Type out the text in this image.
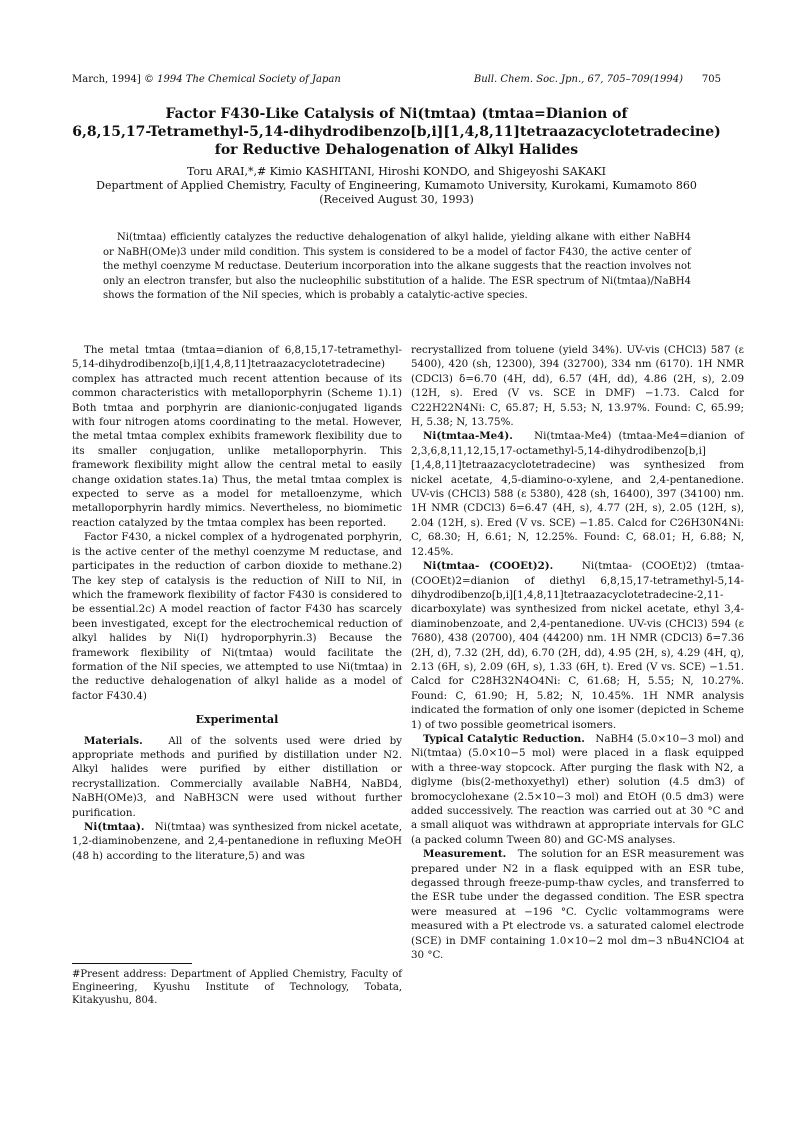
March, 1994] © 1994 The Chemical Society of Japan	Bull. Chem. Soc. Jpn., 67, 705–709(1994) 705
Factor F430-Like Catalysis of Ni(tmtaa) (tmtaa=Dianion of
6,8,15,17-Tetramethyl-5,14-dihydrodibenzo[b,i][1,4,8,11]tetraazacyclotetradecine)
for Reductive Dehalogenation of Alkyl Halides
Toru ARAI,*,# Kimio KASHITANI, Hiroshi KONDO, and Shigeyoshi SAKAKI
Department of Applied Chemistry, Faculty of Engineering, Kumamoto University, Kurokami, Kumamoto 860
(Received August 30, 1993)
Ni(tmtaa) efficiently catalyzes the reductive dehalogenation of alkyl halide, yielding alkane with either NaBH4 or NaBH(OMe)3 under mild condition. This system is considered to be a model of factor F430, the active center of the methyl coenzyme M reductase. Deuterium incorporation into the alkane suggests that the reaction involves not only an electron transfer, but also the nucleophilic substitution of a halide. The ESR spectrum of Ni(tmtaa)/NaBH4 shows the formation of the NiI species, which is probably a catalytic-active species.

The metal tmtaa (tmtaa=dianion of 6,8,15,17-tetramethyl-5,14-dihydrodibenzo[b,i][1,4,8,11]tetraazacyclotetradecine) complex has attracted much recent attention because of its common characteristics with metalloporphyrin (Scheme 1).1) Both tmtaa and porphyrin are dianionic-conjugated ligands with four nitrogen atoms coordinating to the metal. However, the metal tmtaa complex exhibits framework flexibility due to its smaller conjugation, unlike metalloporphyrin. This framework flexibility might allow the central metal to easily change oxidation states.1a) Thus, the metal tmtaa complex is expected to serve as a model for metalloenzyme, which metalloporphyrin hardly mimics. Nevertheless, no biomimetic reaction catalyzed by the tmtaa complex has been reported.

Factor F430, a nickel complex of a hydrogenated porphyrin, is the active center of the methyl coenzyme M reductase, and participates in the reduction of carbon dioxide to methane.2) The key step of catalysis is the reduction of NiII to NiI, in which the framework flexibility of factor F430 is considered to be essential.2c) A model reaction of factor F430 has scarcely been investigated, except for the electrochemical reduction of alkyl halides by Ni(I) hydroporphyrin.3) Because the framework flexibility of Ni(tmtaa) would facilitate the formation of the NiI species, we attempted to use Ni(tmtaa) in the reductive dehalogenation of alkyl halide as a model of factor F430.4)

Experimental

Materials. All of the solvents used were dried by appropriate methods and purified by distillation under N2. Alkyl halides were purified by either distillation or recrystallization. Commercially available NaBH4, NaBD4, NaBH(OMe)3, and NaBH3CN were used without further purification.

Ni(tmtaa). Ni(tmtaa) was synthesized from nickel acetate, 1,2-diaminobenzene, and 2,4-pentanedione in refluxing MeOH (48 h) according to the literature,5) and was

recrystallized from toluene (yield 34%). UV-vis (CHCl3) 587 (ε 5400), 420 (sh, 12300), 394 (32700), 334 nm (6170). 1H NMR (CDCl3) δ=6.70 (4H, dd), 6.57 (4H, dd), 4.86 (2H, s), 2.09 (12H, s). Ered (V vs. SCE in DMF) −1.73. Calcd for C22H22N4Ni: C, 65.87; H, 5.53; N, 13.97%. Found: C, 65.99; H, 5.38; N, 13.75%.

Ni(tmtaa-Me4). Ni(tmtaa-Me4) (tmtaa-Me4=dianion of 2,3,6,8,11,12,15,17-octamethyl-5,14-dihydrodibenzo[b,i][1,4,8,11]tetraazacyclotetradecine) was synthesized from nickel acetate, 4,5-diamino-o-xylene, and 2,4-pentanedione. UV-vis (CHCl3) 588 (ε 5380), 428 (sh, 16400), 397 (34100) nm. 1H NMR (CDCl3) δ=6.47 (4H, s), 4.77 (2H, s), 2.05 (12H, s), 2.04 (12H, s). Ered (V vs. SCE) −1.85. Calcd for C26H30N4Ni: C, 68.30; H, 6.61; N, 12.25%. Found: C, 68.01; H, 6.88; N, 12.45%.

Ni(tmtaa- (COOEt)2).	Ni(tmtaa- (COOEt)2) (tmtaa-(COOEt)2=dianion of diethyl 6,8,15,17-tetramethyl-5,14-dihydrodibenzo[b,i][1,4,8,11]tetraazacyclotetradecine-2,11-dicarboxylate) was synthesized from nickel acetate, ethyl 3,4-diaminobenzoate, and 2,4-pentanedione. UV-vis (CHCl3) 594 (ε 7680), 438 (20700), 404 (44200) nm. 1H NMR (CDCl3) δ=7.36 (2H, d), 7.32 (2H, dd), 6.70 (2H, dd), 4.95 (2H, s), 4.29 (4H, q), 2.13 (6H, s), 2.09 (6H, s), 1.33 (6H, t). Ered (V vs. SCE) −1.51. Calcd for C28H32N4O4Ni: C, 61.68; H, 5.55; N, 10.27%. Found: C, 61.90; H, 5.82; N, 10.45%. 1H NMR analysis indicated the formation of only one isomer (depicted in Scheme 1) of two possible geometrical isomers.

Typical Catalytic Reduction. NaBH4 (5.0×10−3 mol) and Ni(tmtaa) (5.0×10−5 mol) were placed in a flask equipped with a three-way stopcock. After purging the flask with N2, a diglyme (bis(2-methoxyethyl) ether) solution (4.5 dm3) of bromocyclohexane (2.5×10−3 mol) and EtOH (0.5 dm3) were added successively. The reaction was carried out at 30 °C and a small aliquot was withdrawn at appropriate intervals for GLC (a packed column Tween 80) and GC-MS analyses.

Measurement. The solution for an ESR measurement was prepared under N2 in a flask equipped with an ESR tube, degassed through freeze-pump-thaw cycles, and transferred to the ESR tube under the degassed condition. The ESR spectra were measured at −196 °C. Cyclic voltammograms were measured with a Pt electrode vs. a saturated calomel electrode (SCE) in DMF containing 1.0×10−2 mol dm−3 nBu4NClO4 at 30 °C.

#Present address: Department of Applied Chemistry, Faculty of Engineering, Kyushu Institute of Technology, Tobata, Kitakyushu, 804.
